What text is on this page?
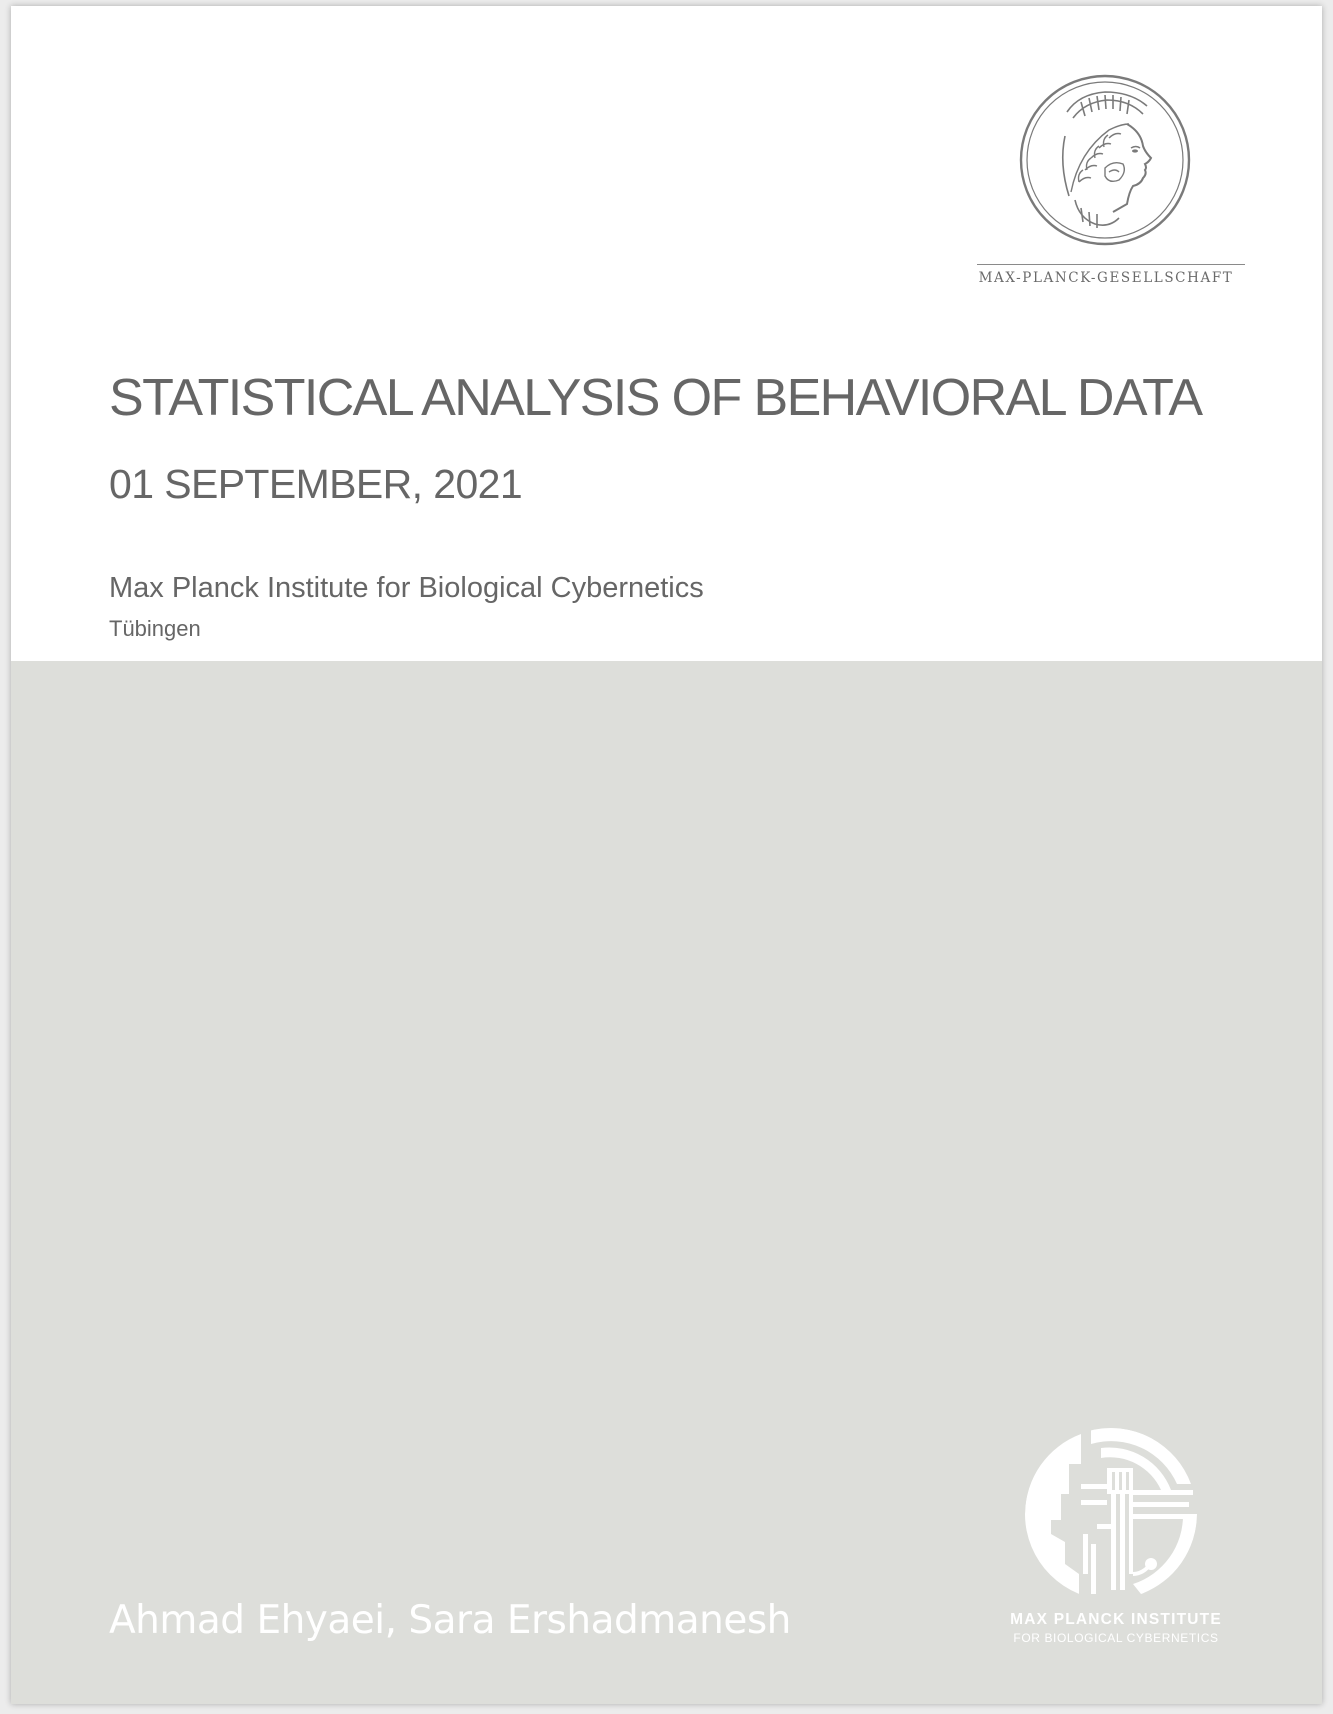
MAX-PLANCK-GESELLSCHAFT
STATISTICAL ANALYSIS OF BEHAVIORAL DATA
01 SEPTEMBER, 2021
Max Planck Institute for Biological Cybernetics
Tübingen
Ahmad Ehyaei, Sara Ershadmanesh	MAX PLANCK INSTITUTE
FOR BIOLOGICAL CYBERNETICS
